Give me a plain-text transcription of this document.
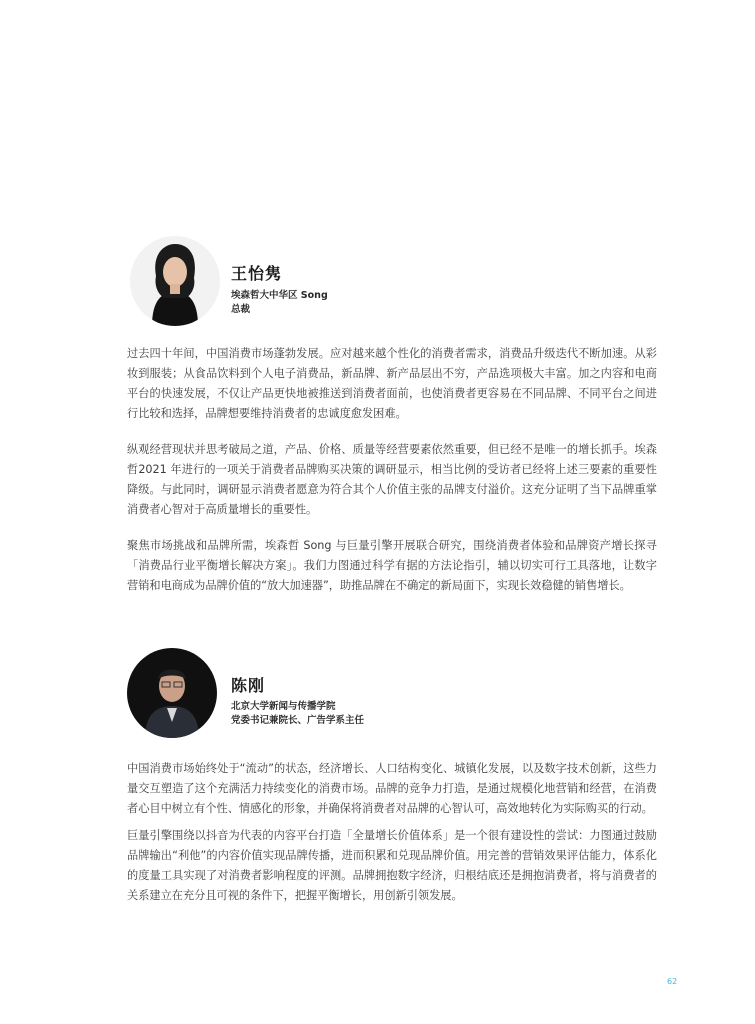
王怡隽
埃森哲大中华区 Song
总裁

过去四十年间，中国消费市场蓬勃发展。应对越来越个性化的消费者需求，消费品升级迭代不断加速。从彩妆到服装；从食品饮料到个人电子消费品，新品牌、新产品层出不穷，产品选项极大丰富。加之内容和电商平台的快速发展，不仅让产品更快地被推送到消费者面前，也使消费者更容易在不同品牌、不同平台之间进行比较和选择，品牌想要维持消费者的忠诚度愈发困难。

纵观经营现状并思考破局之道，产品、价格、质量等经营要素依然重要，但已经不是唯一的增长抓手。埃森哲2021 年进行的一项关于消费者品牌购买决策的调研显示，相当比例的受访者已经将上述三要素的重要性降级。与此同时，调研显示消费者愿意为符合其个人价值主张的品牌支付溢价。这充分证明了当下品牌重掌消费者心智对于高质量增长的重要性。

聚焦市场挑战和品牌所需，埃森哲 Song 与巨量引擎开展联合研究，围绕消费者体验和品牌资产增长探寻「消费品行业平衡增长解决方案」。我们力图通过科学有据的方法论指引，辅以切实可行工具落地，让数字营销和电商成为品牌价值的“放大加速器”，助推品牌在不确定的新局面下，实现长效稳健的销售增长。

陈刚
北京大学新闻与传播学院
党委书记兼院长、广告学系主任

中国消费市场始终处于“流动”的状态，经济增长、人口结构变化、城镇化发展，以及数字技术创新，这些力量交互塑造了这个充满活力持续变化的消费市场。品牌的竞争力打造，是通过规模化地营销和经营，在消费者心目中树立有个性、情感化的形象，并确保将消费者对品牌的心智认可，高效地转化为实际购买的行动。

巨量引擎围绕以抖音为代表的内容平台打造「全量增长价值体系」是一个很有建设性的尝试：力图通过鼓励品牌输出“利他”的内容价值实现品牌传播，进而积累和兑现品牌价值。用完善的营销效果评估能力，体系化的度量工具实现了对消费者影响程度的评测。品牌拥抱数字经济，归根结底还是拥抱消费者，将与消费者的关系建立在充分且可视的条件下，把握平衡增长，用创新引领发展。

62
